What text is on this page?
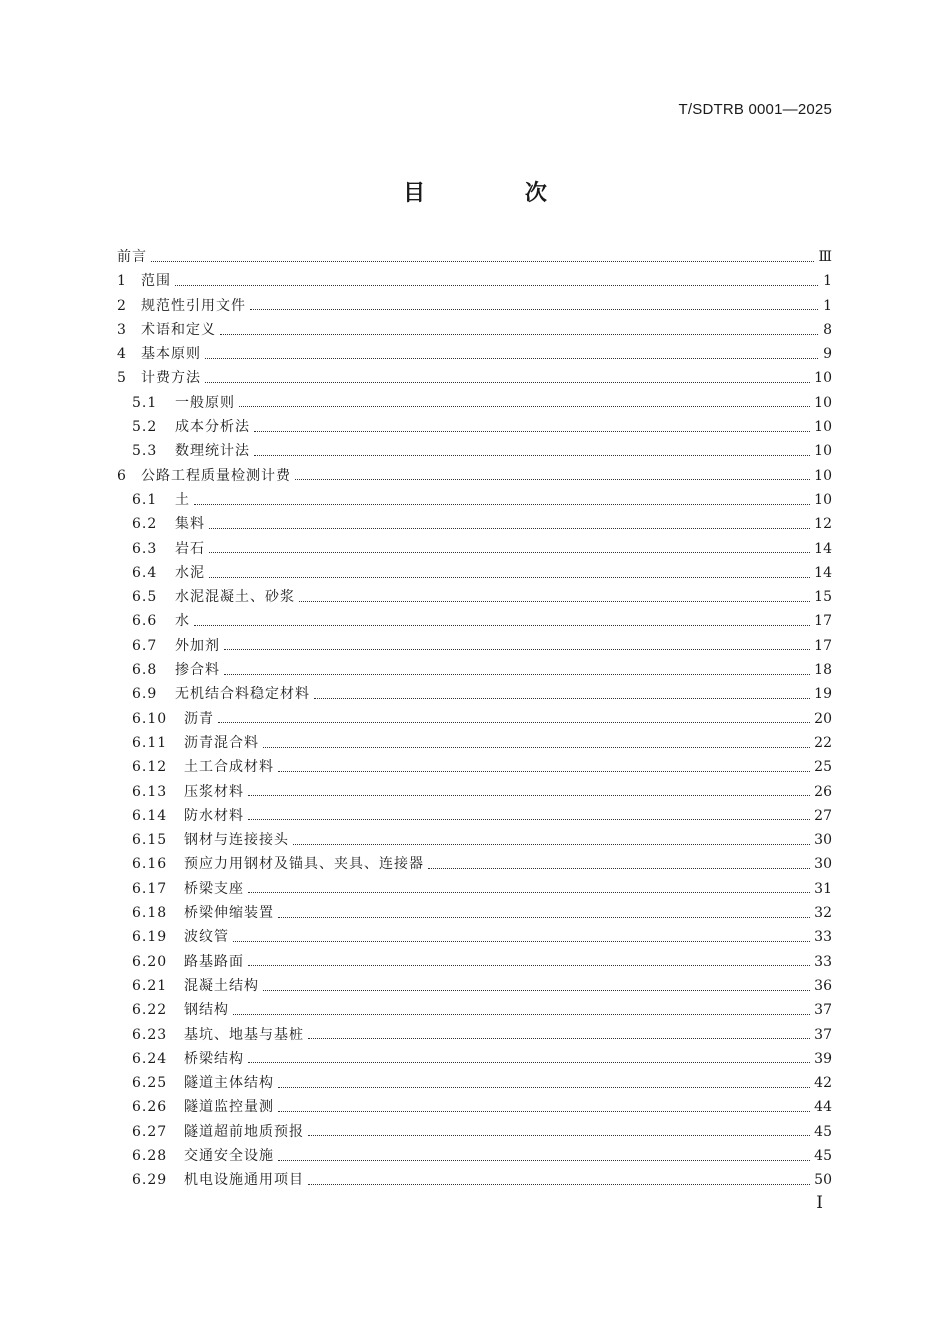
T/SDTRB 0001—2025
目 次
前言	Ⅲ
1	范围	1
2	规范性引用文件	1
3	术语和定义	8
4	基本原则	9
5	计费方法	10
5.1	一般原则	10
5.2	成本分析法	10
5.3	数理统计法	10
6	公路工程质量检测计费	10
6.1	土	10
6.2	集料	12
6.3	岩石	14
6.4	水泥	14
6.5	水泥混凝土、砂浆	15
6.6	水	17
6.7	外加剂	17
6.8	掺合料	18
6.9	无机结合料稳定材料	19
6.10	沥青	20
6.11	沥青混合料	22
6.12	土工合成材料	25
6.13	压浆材料	26
6.14	防水材料	27
6.15	钢材与连接接头	30
6.16	预应力用钢材及锚具、夹具、连接器	30
6.17	桥梁支座	31
6.18	桥梁伸缩装置	32
6.19	波纹管	33
6.20	路基路面	33
6.21	混凝土结构	36
6.22	钢结构	37
6.23	基坑、地基与基桩	37
6.24	桥梁结构	39
6.25	隧道主体结构	42
6.26	隧道监控量测	44
6.27	隧道超前地质预报	45
6.28	交通安全设施	45
6.29	机电设施通用项目	50
I
